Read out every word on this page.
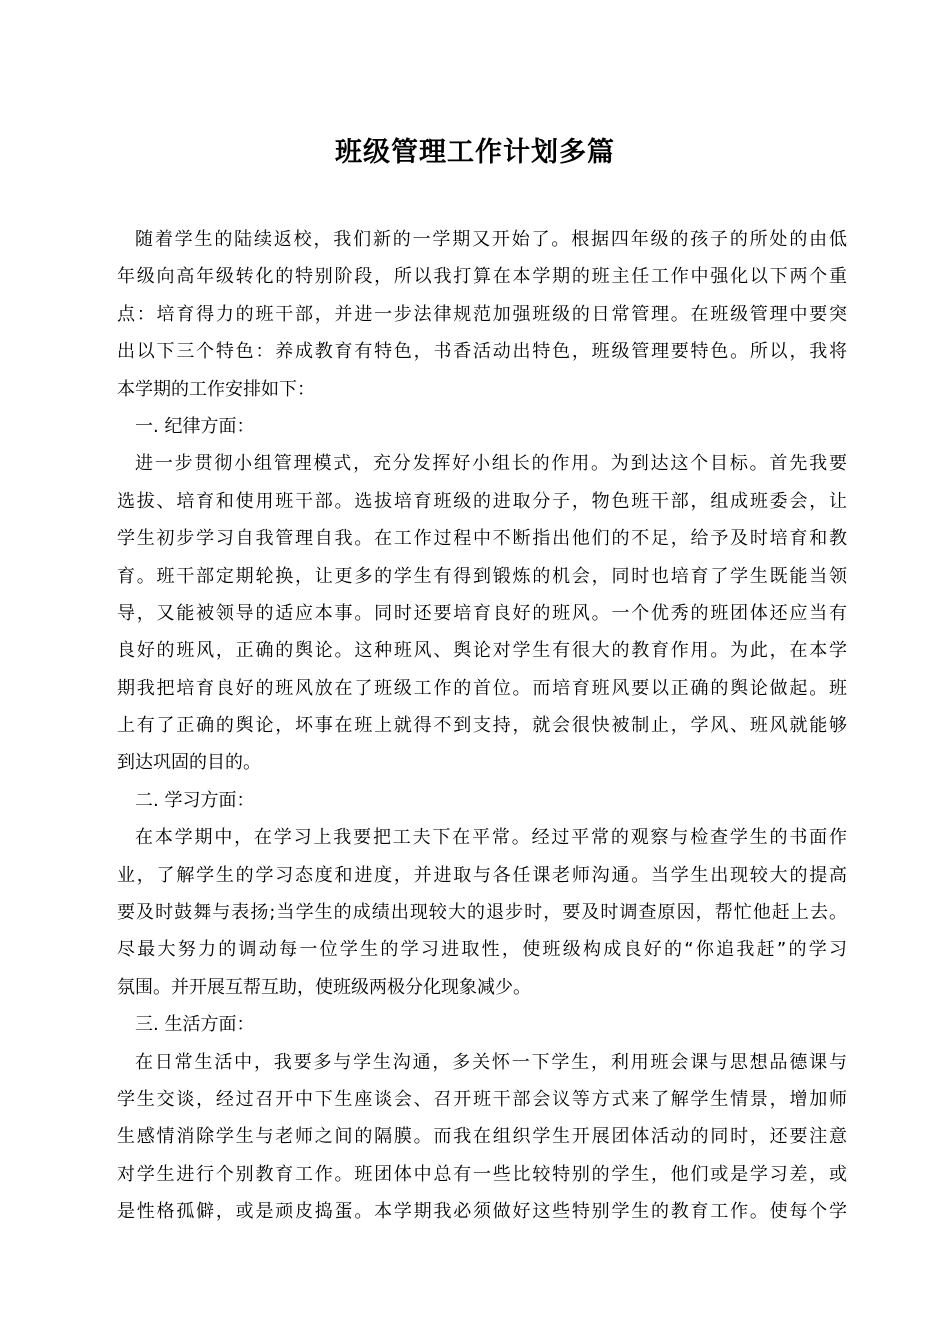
班级管理工作计划多篇
随着学生的陆续返校，我们新的一学期又开始了。根据四年级的孩子的所处的由低
年级向高年级转化的特别阶段，所以我打算在本学期的班主任工作中强化以下两个重
点：培育得力的班干部，并进一步法律规范加强班级的日常管理。在班级管理中要突
出以下三个特色：养成教育有特色，书香活动出特色，班级管理要特色。所以，我将
本学期的工作安排如下：
一. 纪律方面：
进一步贯彻小组管理模式，充分发挥好小组长的作用。为到达这个目标。首先我要
选拔、培育和使用班干部。选拔培育班级的进取分子，物色班干部，组成班委会，让
学生初步学习自我管理自我。在工作过程中不断指出他们的不足，给予及时培育和教
育。班干部定期轮换，让更多的学生有得到锻炼的机会，同时也培育了学生既能当领
导，又能被领导的适应本事。同时还要培育良好的班风。一个优秀的班团体还应当有
良好的班风，正确的舆论。这种班风、舆论对学生有很大的教育作用。为此，在本学
期我把培育良好的班风放在了班级工作的首位。而培育班风要以正确的舆论做起。班
上有了正确的舆论，坏事在班上就得不到支持，就会很快被制止，学风、班风就能够
到达巩固的目的。
二. 学习方面：
在本学期中，在学习上我要把工夫下在平常。经过平常的观察与检查学生的书面作
业，了解学生的学习态度和进度，并进取与各任课老师沟通。当学生出现较大的提高
要及时鼓舞与表扬;当学生的成绩出现较大的退步时，要及时调查原因，帮忙他赶上去。
尽最大努力的调动每一位学生的学习进取性，使班级构成良好的“你追我赶”的学习
氛围。并开展互帮互助，使班级两极分化现象减少。
三. 生活方面：
在日常生活中，我要多与学生沟通，多关怀一下学生，利用班会课与思想品德课与
学生交谈，经过召开中下生座谈会、召开班干部会议等方式来了解学生情景，增加师
生感情消除学生与老师之间的隔膜。而我在组织学生开展团体活动的同时，还要注意
对学生进行个别教育工作。班团体中总有一些比较特别的学生，他们或是学习差，或
是性格孤僻，或是顽皮捣蛋。本学期我必须做好这些特别学生的教育工作。使每个学
